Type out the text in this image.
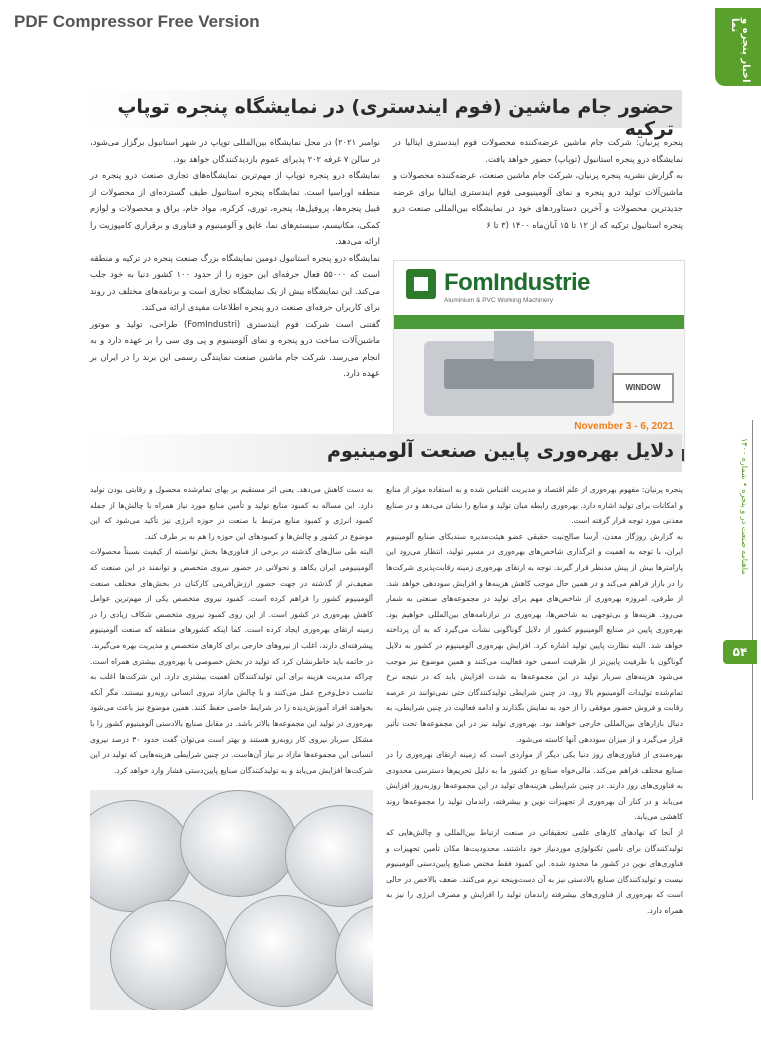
PDF Compressor Free Version	اخبار پنجره و نما
ماهنامه صنعت در و پنجره • شماره ۱۴۰۰
۵۴
حضور جام ماشین (فوم ایندستری) در نمایشگاه پنجره توپاپ ترکیه

پنجره پرنیان: شرکت جام ماشین عرضه‌کننده محصولات فوم ایندستری ایتالیا در نمایشگاه درو پنجره استانبول (توپاپ) حضور خواهد یافت.

به گزارش نشریه پنجره پرنیان، شرکت جام ماشین صنعت، عرضه‌کننده محصولات و ماشین‌آلات تولید درو پنجره و نمای آلومینیومی فوم ایندستری ایتالیا برای عرضه جدیدترین محصولات و آخرین دستاوردهای خود در نمایشگاه بین‌المللی صنعت درو پنجره استانبول ترکیه که از ۱۲ تا ۱۵ آبان‌ماه ۱۴۰۰ (۳ تا ۶

FomIndustrie
Aluminium & PVC Working Machinery
WINDOW
November 3 - 6, 2021

نوامبر ۲۰۲۱) در محل نمایشگاه بین‌المللی توپاپ در شهر استانبول برگزار می‌شود، در سالن ۷ غرفه ۲۰۲ پذیرای عموم بازدیدکنندگان خواهد بود.

نمایشگاه درو پنجره توپاپ از مهم‌ترین نمایشگاه‌های تجاری صنعت درو پنجره در منطقه اوراسیا است. نمایشگاه پنجره استانبول طیف گسترده‌ای از محصولات از قبیل پنجره‌ها، پروفیل‌ها، پنجره، توری، کرکره، مواد خام، یراق و محصولات و لوازم کمکی، مکانیسم، سیستم‌های نما، عایق و آلومینیوم و فناوری و برقراری کامپوزیت را ارائه می‌دهد.

نمایشگاه درو پنجره استانبول دومین نمایشگاه بزرگ صنعت پنجره در ترکیه و منطقه است که ۵۵۰۰۰ فعال حرفه‌ای این حوزه را از حدود ۱۰۰ کشور دنیا به خود جلب می‌کند. این نمایشگاه بیش از یک نمایشگاه تجاری است و برنامه‌های مختلف در روند برای کاربران حرفه‌ای صنعت درو پنجره اطلاعات مفیدی ارائه می‌کند.

گفتنی است شرکت فوم ایندستری (FomIndustri) طراحی، تولید و موتور ماشین‌آلات ساخت درو پنجره و نمای آلومینیوم و پی وی سی را بر عهده دارد و به انجام می‌رسد. شرکت جام ماشین صنعت نمایندگی رسمی این برند را در ایران بر عهده دارد.

دلایل بهره‌وری پایین صنعت آلومینیوم

پنجره پرنیان: مفهوم بهره‌وری از علم اقتصاد و مدیریت اقتباس شده و به استفاده موثر از منابع و امکانات برای تولید اشاره دارد. بهره‌وری رابطه میان تولید و منابع را نشان می‌دهد و در صنایع معدنی مورد توجه قرار گرفته است.

به گزارش روزگار معدن، آرسا صالح‌نیت حقیقی عضو هیئت‌مدیره سندیکای صنایع آلومینیوم ایران، با توجه به اهمیت و اثرگذاری شاخص‌های بهره‌وری در مسیر تولید، انتظار می‌رود این پارامترها بیش از پیش مدنظر قرار گیرند. توجه به ارتقای بهره‌وری زمینه رقابت‌پذیری شرکت‌ها را در بازار فراهم می‌کند و در همین حال موجب کاهش هزینه‌ها و افزایش سوددهی خواهد شد. از طرفی، امروزه بهره‌وری از شاخص‌های مهم برای تولید در مجموعه‌های صنعتی به شمار می‌رود. هزینه‌ها و بی‌توجهی به شاخص‌ها، بهره‌وری در ترازنامه‌های بین‌المللی خواهیم بود. بهره‌وری پایین در صنایع آلومینیوم کشور از دلایل گوناگونی نشأت می‌گیرد که به آن پرداخته خواهد شد. البته نظارت پایین تولید اشاره کرد. افزایش بهره‌وری آلومینیوم در کشور به دلایل گوناگون با ظرفیت پایین‌تر از ظرفیت اسمی خود فعالیت می‌کنند و همین موضوع نیز موجب می‌شود هزینه‌های سربار تولید در این مجموعه‌ها به شدت افزایش یابد که در نتیجه نرخ تمام‌شده تولیدات آلومینیوم بالا رود. در چنین شرایطی تولیدکنندگان حتی نمی‌توانند در عرصه رقابت و فروش حضور موفقی را از خود به نمایش بگذارند و ادامه فعالیت در چنین شرایطی، به دنبال بازارهای بین‌المللی خارجی خواهند بود. بهره‌وری تولید نیز در این مجموعه‌ها تحت تأثیر قرار می‌گیرد و از میزان سوددهی آنها کاسته می‌شود.

بهره‌مندی از فناوری‌های روز دنیا یکی دیگر از مواردی است که زمینه ارتقای بهره‌وری را در صنایع مختلف فراهم می‌کند. مالی‌خواه صنایع در کشور ما به دلیل تحریم‌ها دسترسی محدودی به فناوری‌های روز دارند. در چنین شرایطی هزینه‌های تولید در این مجموعه‌ها روزبه‌روز افزایش می‌یابد و در کنار آن بهره‌وری از تجهیزات نوین و بیشرفته، راندمان تولید را مجموعه‌ها روند کاهشی می‌یابد.

از آنجا که نهادهای کارهای علمی تحقیقاتی در صنعت ارتباط بین‌المللی و چالش‌هایی که تولیدکنندگان برای تأمین تکنولوژی موردنیاز خود داشتند، محدودیت‌ها مکان تأمین تجهیزات و فناوری‌های نوین در کشور ما محدود شده. این کمبود فقط مختص صنایع پایین‌دستی آلومینیوم نیست و تولیدکنندگان صنایع بالادستی نیز به آن دست‌وپنجه نرم می‌کنند. ضعف بالاخص در حالی است که بهره‌وری از فناوری‌های بیشرفته راندمان تولید را افزایش و مصرف انرژی را نیز به همراه دارد.

به دست کاهش می‌دهد. یعنی اثر مستقیم بر بهای تمام‌شده محصول و رقابتی بودن تولید دارد. این مساله به کمبود منابع تولید و تأمین منابع مورد نیاز همراه با چالش‌ها از جمله کمبود انرژی و کمبود منابع مرتبط با صنعت در حوزه انرژی نیز تأکید می‌شود که این موضوع در کشور و چالش‌ها و کمبودهای این حوزه را هم به بر طرف کند.

البته طی سال‌های گذشته در برخی از فناوری‌ها بخش توانسته از کیفیت نسبتاً محصولات آلومینیومی ایران بکاهد و تحولاتی در حضور نیروی متخصص و توانمند در این صنعت که ضعیف‌تر از گذشته در جهت حضور ارزش‌آفرینی کارکنان در بخش‌های مختلف صنعت آلومینیوم کشور را فراهم کرده است. کمبود نیروی متخصص یکی از مهم‌ترین عوامل کاهش بهره‌وری در کشور است. از این روی کمبود نیروی متخصص شکاف زیادی را در زمینه ارتقای بهره‌وری ایجاد کرده است. کما اینکه کشورهای منطقه که صنعت آلومینیوم پیشرفته‌ای دارند، اغلب از نیروهای خارجی برای کارهای متخصص و مدیریت بهره می‌گیرند.

در خاتمه باید خاطرنشان کرد که تولید در بخش خصوصی یا بهره‌وری بیشتری همراه است. چراکه مدیریت هزینه برای این تولیدکنندگان اهمیت بیشتری دارد. این شرکت‌ها اغلب به تناسب دخل‌وخرج عمل می‌کنند و با چالش مازاد نیروی انسانی روبه‌رو نیستند. مگر آنکه بخواهند افراد آموزش‌دیده را در شرایط خاصی حفظ کنند. همین موضوع نیز باعث می‌شود بهره‌وری در تولید این مجموعه‌ها بالاتر باشد. در مقابل صنایع بالادستی آلومینیوم کشور را با مشکل سربار نیروی کار روبه‌رو هستند و بهتر است می‌توان گفت حدود ۳۰ درصد نیروی انسانی این مجموعه‌ها مازاد بر نیاز آن‌هاست. در چنین شرایطی هزینه‌هایی که تولید در این شرکت‌ها افزایش می‌یابد و به تولیدکنندگان صنایع پایین‌دستی فشار وارد خواهد کرد.
